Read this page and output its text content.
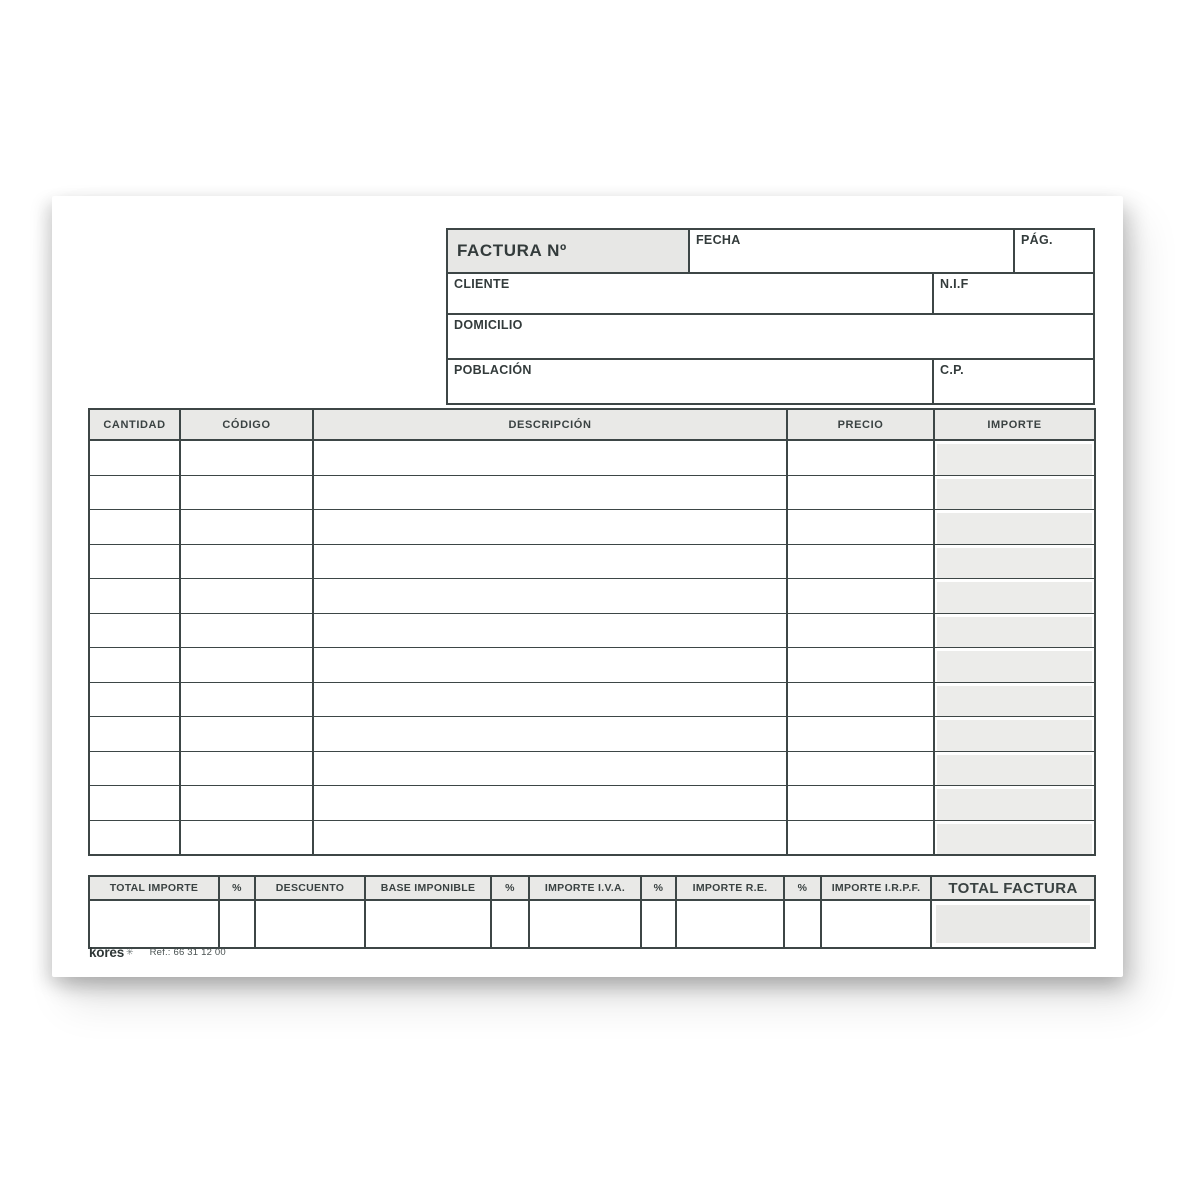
FACTURA Nº	FECHA		PÁG.
CLIENTE		N.I.F	
DOMICILIO			
POBLACIÓN		C.P.	
CANTIDAD	CÓDIGO	DESCRIPCIÓN	PRECIO	IMPORTE

TOTAL IMPORTE	%	DESCUENTO	BASE IMPONIBLE	%	IMPORTE I.V.A.	%	IMPORTE R.E.	%	IMPORTE I.R.P.F.	TOTAL FACTURA

kores ✳ Ref.: 66 31 12 00
